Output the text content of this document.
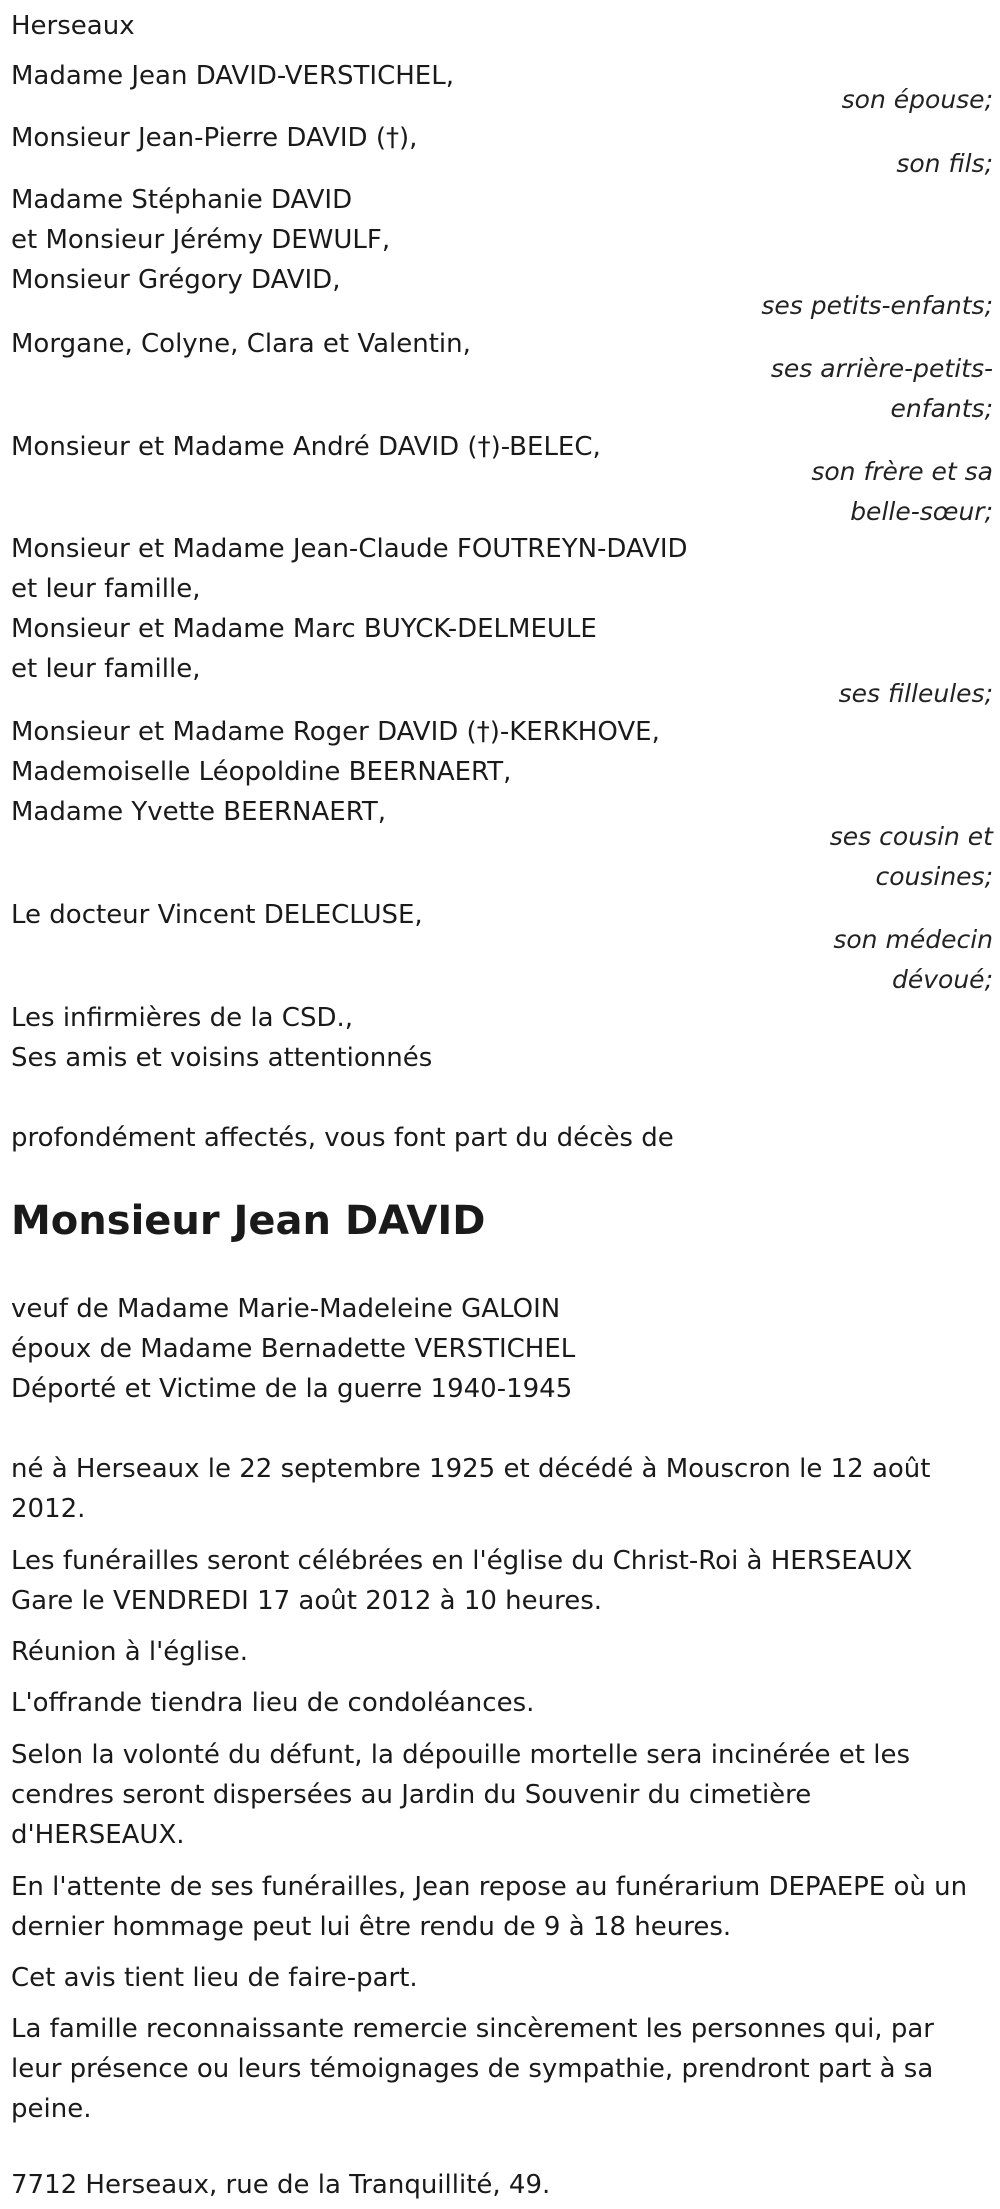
Herseaux

Madame Jean DAVID-VERSTICHEL,

son épouse;

Monsieur Jean-Pierre DAVID (†),

son fils;

Madame Stéphanie DAVID

et Monsieur Jérémy DEWULF,

Monsieur Grégory DAVID,

ses petits-enfants;

Morgane, Colyne, Clara et Valentin,

ses arrière-petits-

enfants;

Monsieur et Madame André DAVID (†)-BELEC,

son frère et sa

belle-sœur;

Monsieur et Madame Jean-Claude FOUTREYN-DAVID

et leur famille,

Monsieur et Madame Marc BUYCK-DELMEULE

et leur famille,

ses filleules;

Monsieur et Madame Roger DAVID (†)-KERKHOVE,

Mademoiselle Léopoldine BEERNAERT,

Madame Yvette BEERNAERT,

ses cousin et

cousines;

Le docteur Vincent DELECLUSE,

son médecin

dévoué;

Les infirmières de la CSD.,

Ses amis et voisins attentionnés

profondément affectés, vous font part du décès de

Monsieur Jean DAVID

veuf de Madame Marie-Madeleine GALOIN

époux de Madame Bernadette VERSTICHEL

Déporté et Victime de la guerre 1940-1945

né à Herseaux le 22 septembre 1925 et décédé à Mouscron le 12 août

2012.

Les funérailles seront célébrées en l'église du Christ-Roi à HERSEAUX

Gare le VENDREDI 17 août 2012 à 10 heures.

Réunion à l'église.

L'offrande tiendra lieu de condoléances.

Selon la volonté du défunt, la dépouille mortelle sera incinérée et les

cendres seront dispersées au Jardin du Souvenir du cimetière

d'HERSEAUX.

En l'attente de ses funérailles, Jean repose au funérarium DEPAEPE où un

dernier hommage peut lui être rendu de 9 à 18 heures.

Cet avis tient lieu de faire-part.

La famille reconnaissante remercie sincèrement les personnes qui, par

leur présence ou leurs témoignages de sympathie, prendront part à sa

peine.

7712 Herseaux, rue de la Tranquillité, 49.
